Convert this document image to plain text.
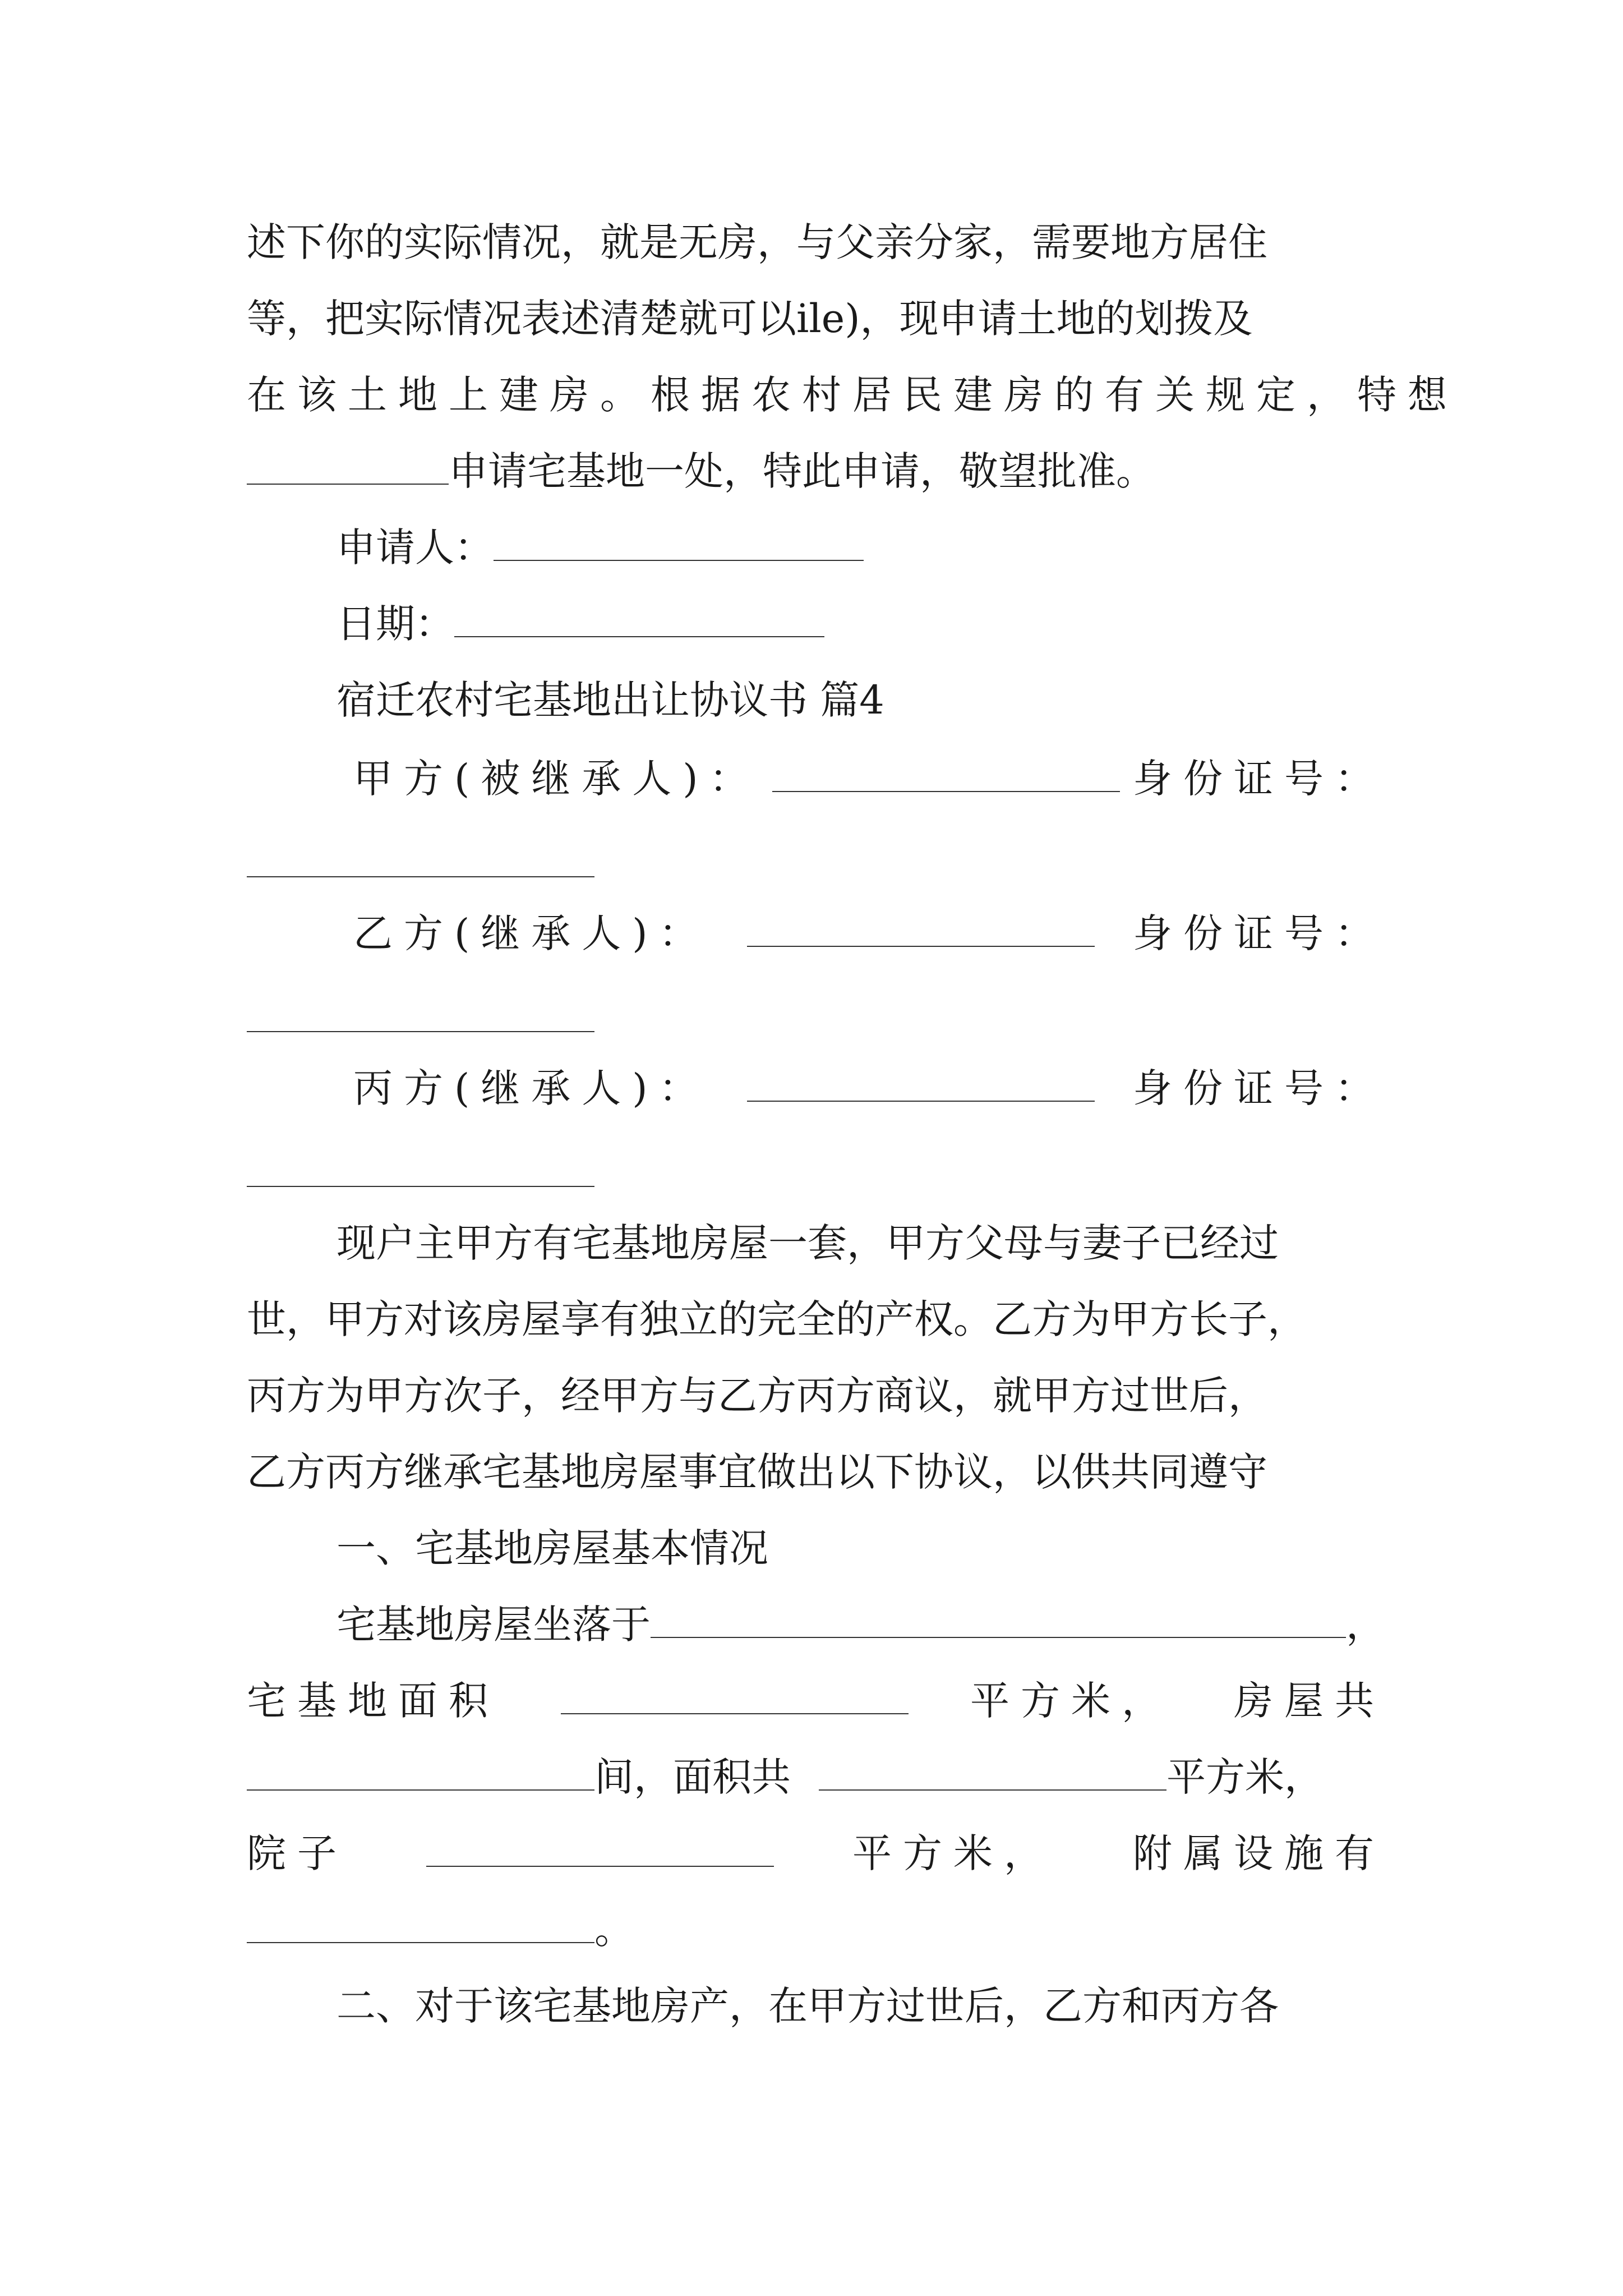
述下你的实际情况，就是无房，与父亲分家，需要地方居住
等，把实际情况表述清楚就可以ile)，现申请土地的划拨及
在该土地上建房。根据农村居民建房的有关规定，特想
申请宅基地一处，特此申请，敬望批准。
申请人：
日期：
宿迁农村宅基地出让协议书 篇4
甲方(被继承人)：	身份证号：
乙方(继承人)：	身份证号：
丙方(继承人)：	身份证号：
现户主甲方有宅基地房屋一套，甲方父母与妻子已经过
世，甲方对该房屋享有独立的完全的产权。乙方为甲方长子，
丙方为甲方次子，经甲方与乙方丙方商议，就甲方过世后，
乙方丙方继承宅基地房屋事宜做出以下协议，以供共同遵守
一、宅基地房屋基本情况
宅基地房屋坐落于	，
宅基地面积	平方米， 房屋共
间，面积共	平方米，
院子	平方米， 附属设施有
。
二、对于该宅基地房产，在甲方过世后，乙方和丙方各
